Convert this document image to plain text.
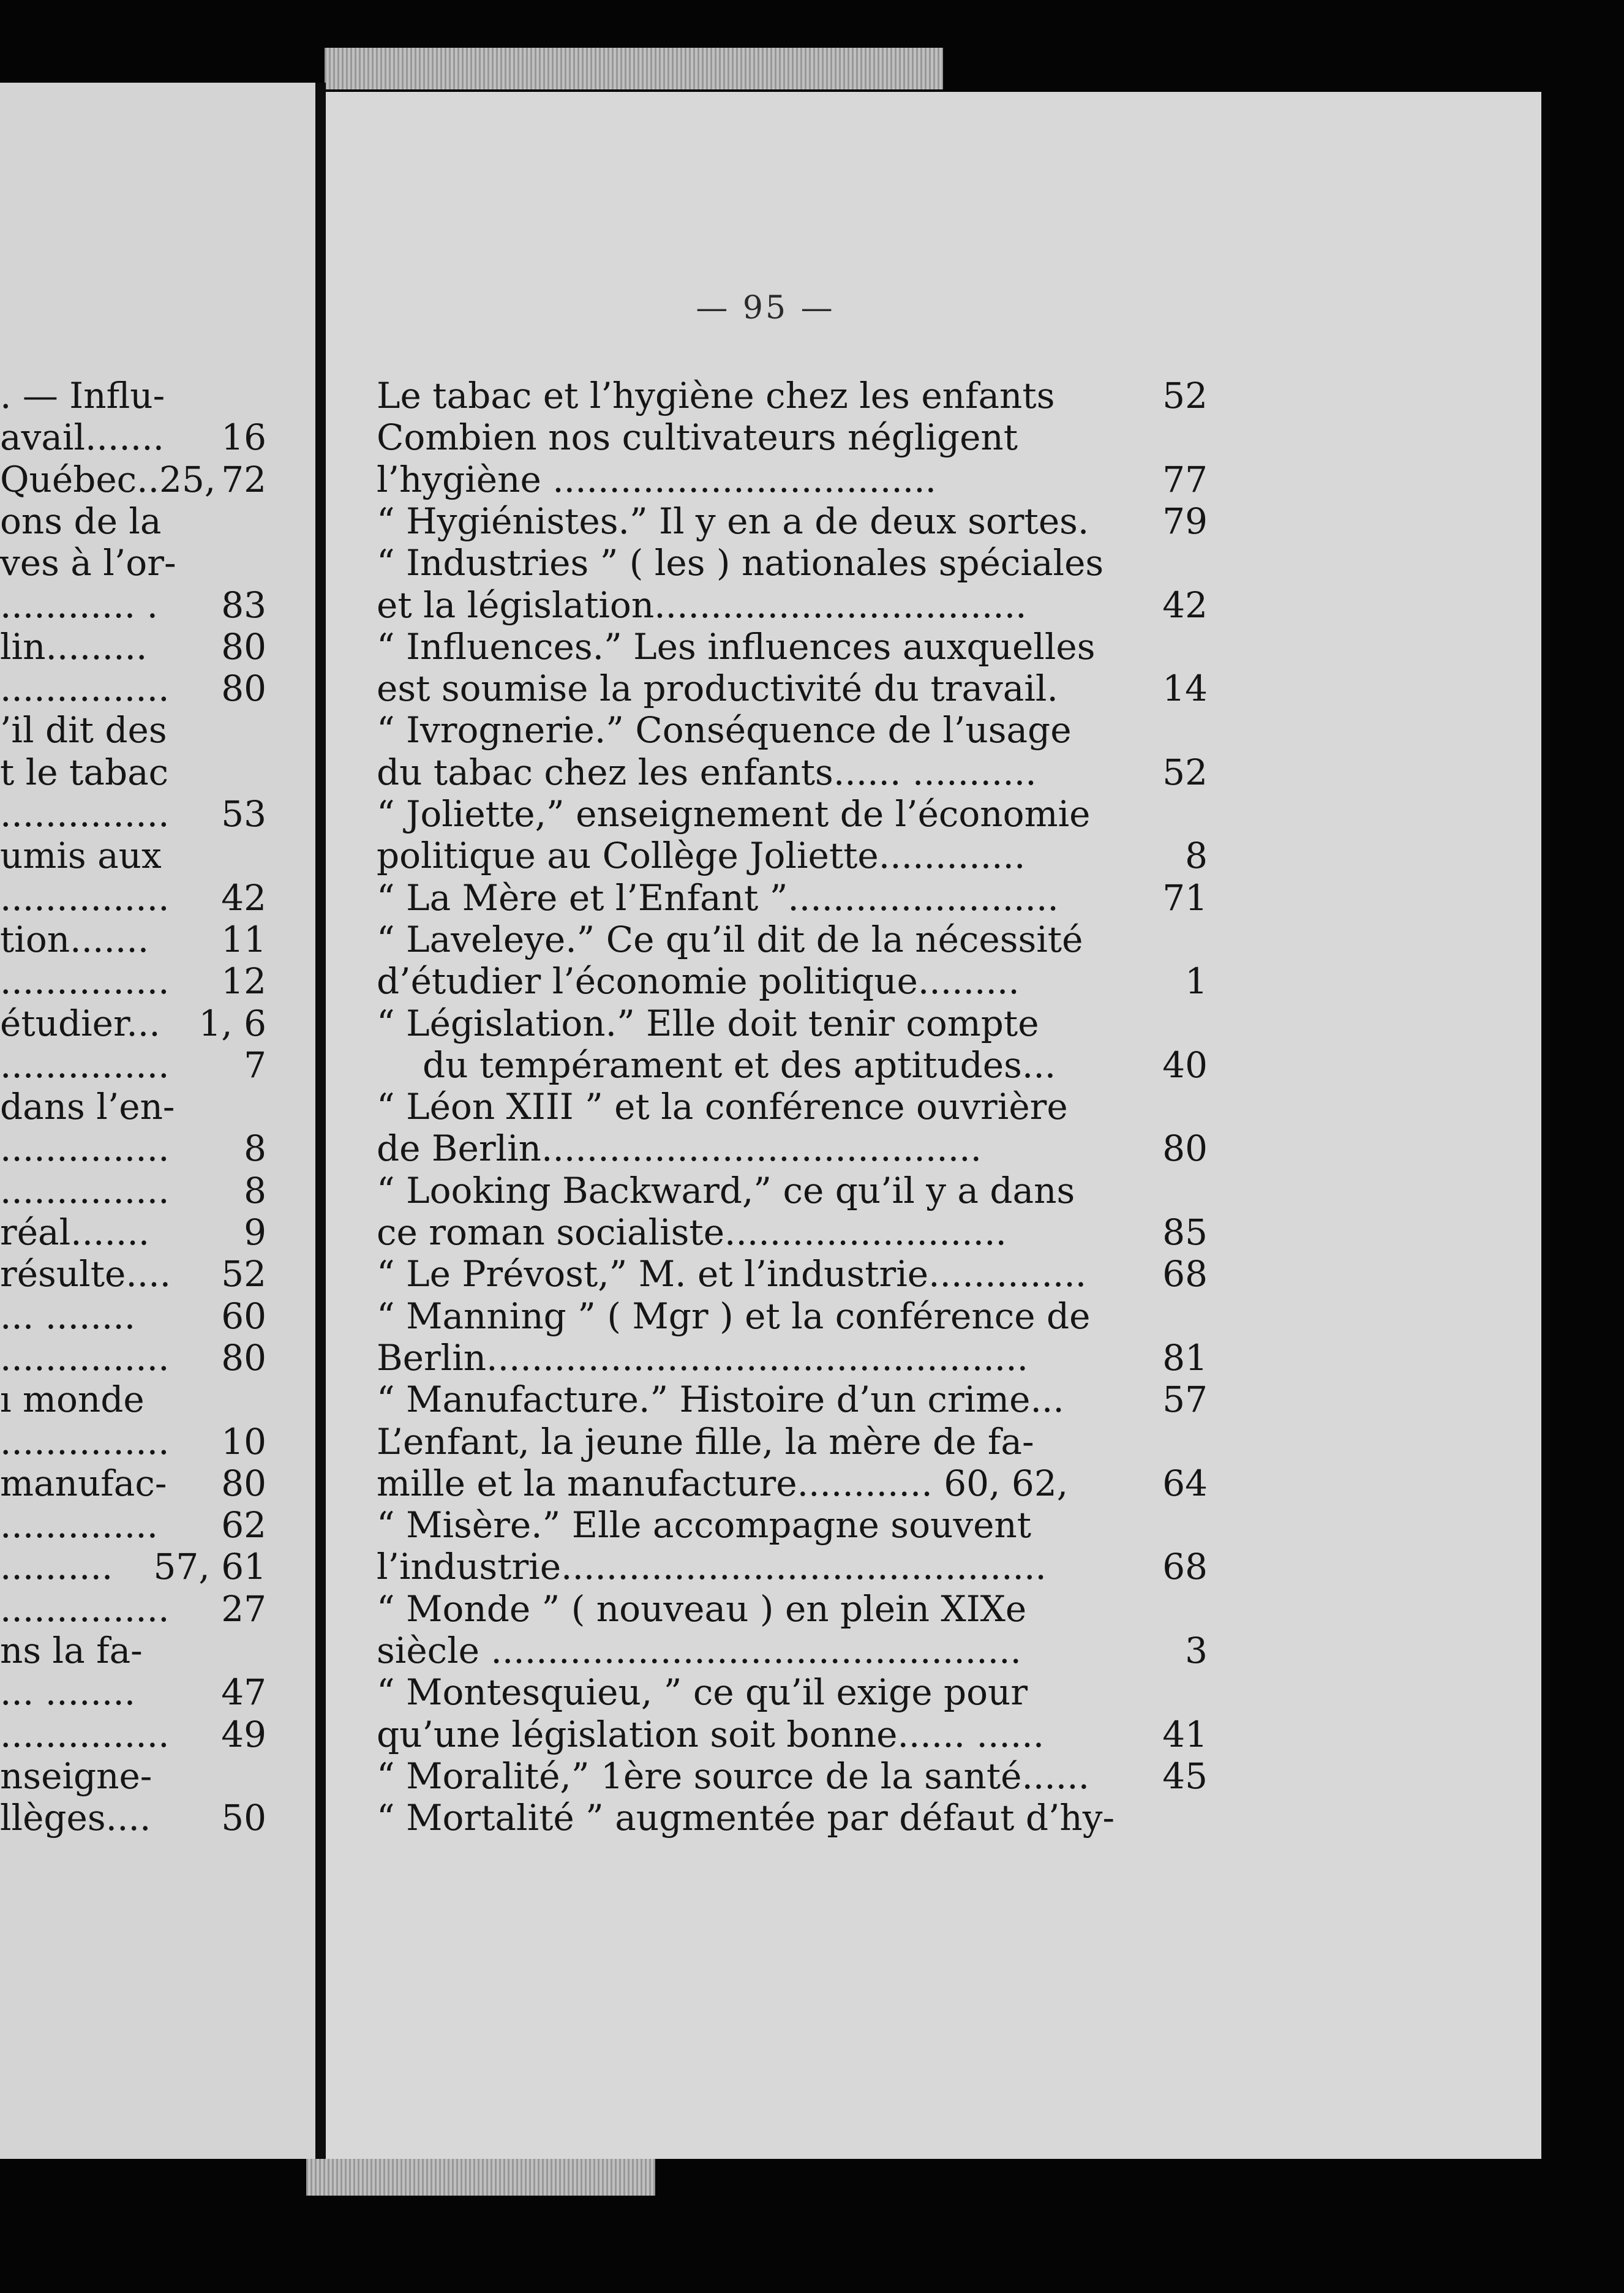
— 95 —
Le tabac et l’hygiène chez les enfants	52
Combien nos cultivateurs négligent
l’hygiène ..................................	77
“ Hygiénistes.” Il y en a de deux sortes.	79
“ Industries ” ( les ) nationales spéciales
et la législation.................................	42
“ Influences.” Les influences auxquelles
est soumise la productivité du travail.	14
“ Ivrognerie.” Conséquence de l’usage
du tabac chez les enfants...... ...........	52
“ Joliette,” enseignement de l’économie
politique au Collège Joliette.............	8
“ La Mère et l’Enfant ”........................	71
“ Laveleye.” Ce qu’il dit de la nécessité
d’étudier l’économie politique.........	1
“ Législation.” Elle doit tenir compte
du tempérament et des aptitudes...	40
“ Léon XIII ” et la conférence ouvrière
de Berlin.......................................	80
“ Looking Backward,” ce qu’il y a dans
ce roman socialiste.........................	85
“ Le Prévost,” M. et l’industrie..............	68
“ Manning ” ( Mgr ) et la conférence de
Berlin................................................	81
“ Manufacture.” Histoire d’un crime...	57
L’enfant, la jeune fille, la mère de fa-
mille et la manufacture............ 60, 62,	64
“ Misère.” Elle accompagne souvent
l’industrie...........................................	68
“ Monde ” ( nouveau ) en plein XIXe
siècle ...............................................	3
“ Montesquieu, ” ce qu’il exige pour
qu’une législation soit bonne...... ......	41
“ Moralité,” 1ère source de la santé......	45
“ Mortalité ” augmentée par défaut d’hy-
. — Influ-
avail.......	16
Québec..25, 72
ons de la
ves à l’or-
............ .	83
lin.........	80
...............	80
’il dit des
t le tabac
...............	53
umis aux
...............	42
tion.......	11
...............	12
étudier...	1, 6
...............	7
dans l’en-
...............	8
...............	8
réal.......	9
résulte....	52
... ........	60
...............	80
ı monde
...............	10
manufac-	80
..............	62
..........	57, 61
...............	27
ns la fa-
... ........	47
...............	49
nseigne-
llèges....	50
